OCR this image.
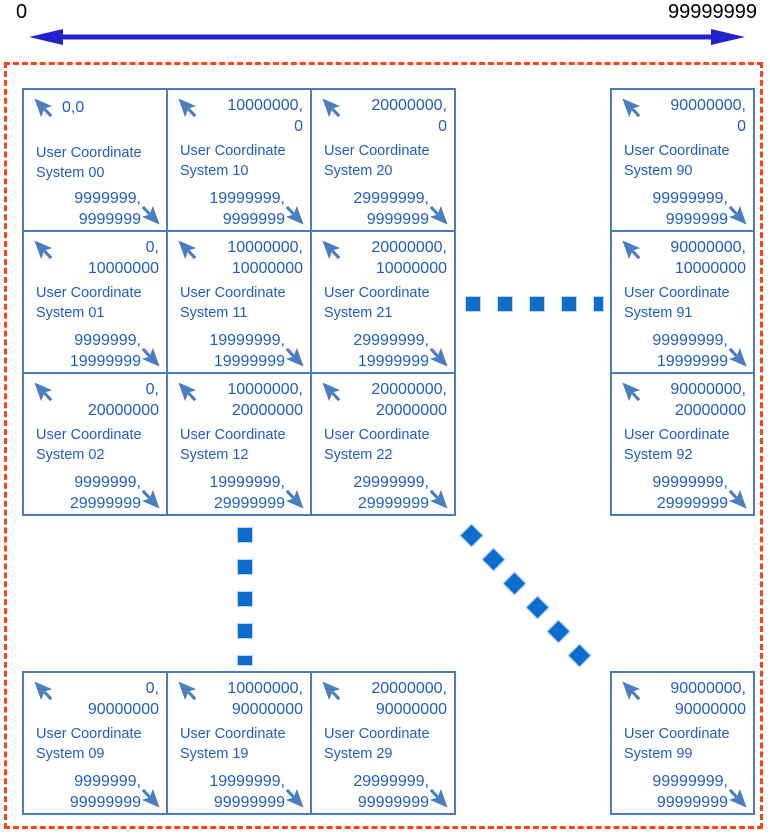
0	99999999
0,0
User Coordinate System 00
9999999,
9999999
10000000,
0
User Coordinate System 10
19999999,
9999999
20000000,
0
User Coordinate System 20
29999999,
9999999
90000000,
0
User Coordinate System 90
99999999,
9999999
0,
10000000
User Coordinate System 01
9999999,
19999999
10000000,
10000000
User Coordinate System 11
19999999,
19999999
20000000,
10000000
User Coordinate System 21
29999999,
19999999
90000000,
10000000
User Coordinate System 91
99999999,
19999999
0,
20000000
User Coordinate System 02
9999999,
29999999
10000000,
20000000
User Coordinate System 12
19999999,
29999999
20000000,
20000000
User Coordinate System 22
29999999,
29999999
90000000,
20000000
User Coordinate System 92
99999999,
29999999
0,
90000000
User Coordinate System 09
9999999,
99999999
10000000,
90000000
User Coordinate System 19
19999999,
99999999
20000000,
90000000
User Coordinate System 29
29999999,
99999999
90000000,
90000000
User Coordinate System 99
99999999,
99999999
